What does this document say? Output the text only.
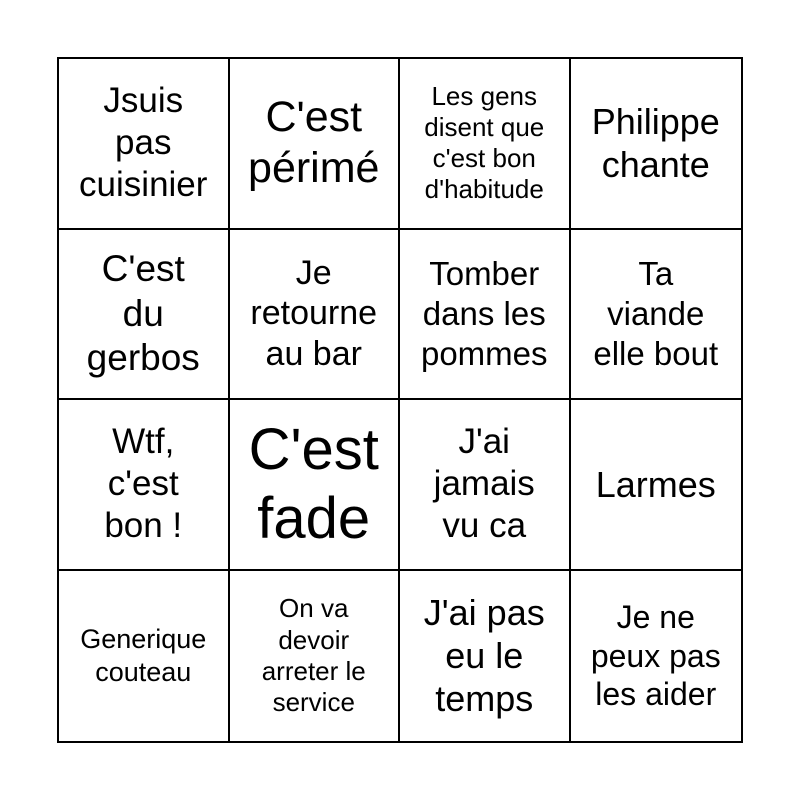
Jsuis
pas
cuisinier
C'est
périmé
Les gens
disent que
c'est bon
d'habitude
Philippe
chante
C'est
du
gerbos
Je
retourne
au bar
Tomber
dans les
pommes
Ta
viande
elle bout
Wtf,
c'est
bon !
C'est
fade
J'ai
jamais
vu ca
Larmes
Generique
couteau
On va
devoir
arreter le
service
J'ai pas
eu le
temps
Je ne
peux pas
les aider
